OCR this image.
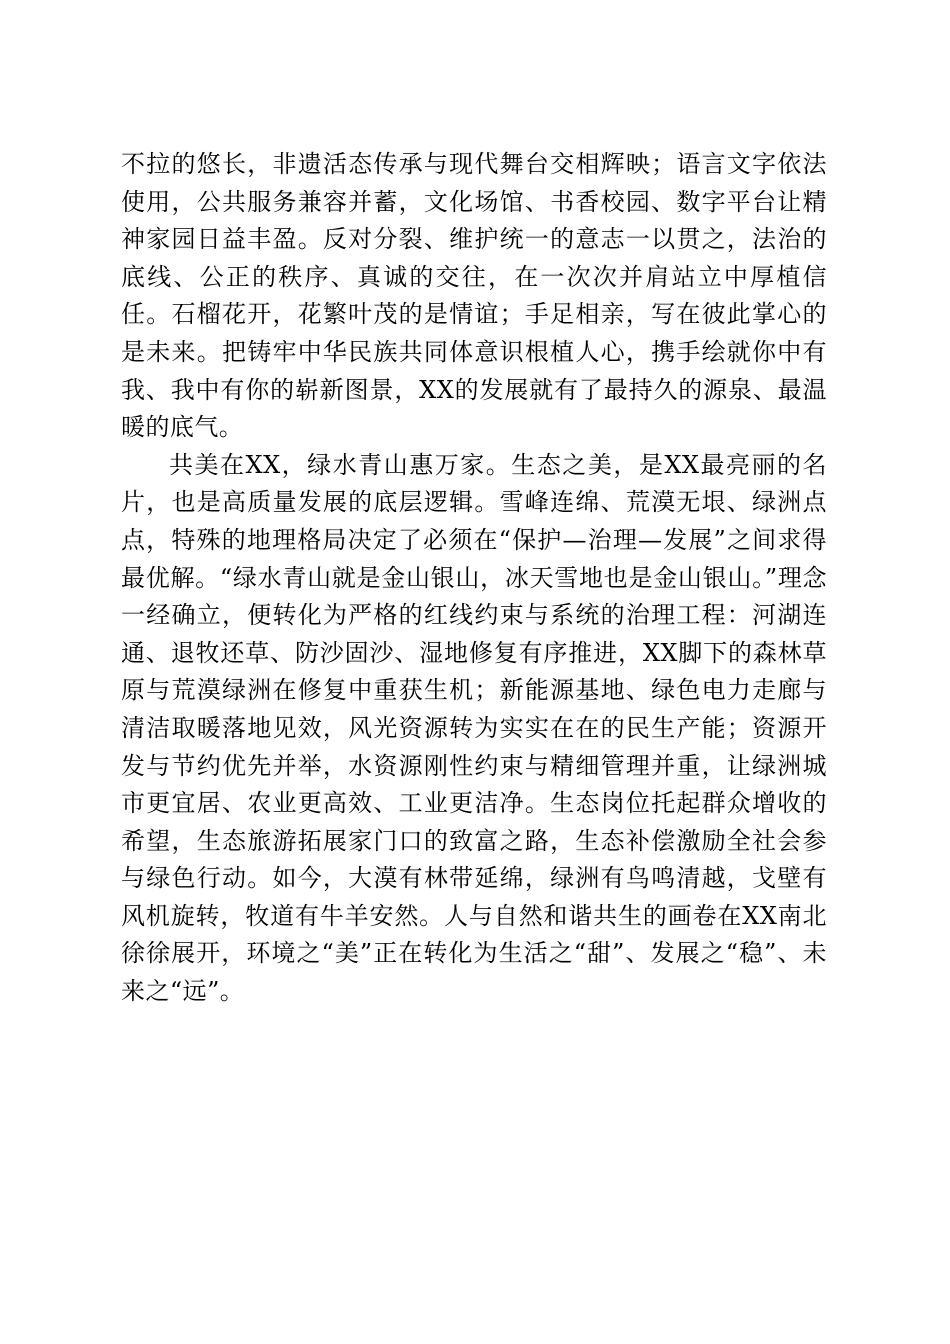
不拉的悠长，非遗活态传承与现代舞台交相辉映；语言文字依法使用，公共服务兼容并蓄，文化场馆、书香校园、数字平台让精神家园日益丰盈。反对分裂、维护统一的意志一以贯之，法治的底线、公正的秩序、真诚的交往，在一次次并肩站立中厚植信任。石榴花开，花繁叶茂的是情谊；手足相亲，写在彼此掌心的是未来。把铸牢中华民族共同体意识根植人心，携手绘就你中有我、我中有你的崭新图景，XX的发展就有了最持久的源泉、最温暖的底气。

共美在XX，绿水青山惠万家。生态之美，是XX最亮丽的名片，也是高质量发展的底层逻辑。雪峰连绵、荒漠无垠、绿洲点点，特殊的地理格局决定了必须在“保护—治理—发展”之间求得最优解。“绿水青山就是金山银山，冰天雪地也是金山银山。”理念一经确立，便转化为严格的红线约束与系统的治理工程：河湖连通、退牧还草、防沙固沙、湿地修复有序推进，XX脚下的森林草原与荒漠绿洲在修复中重获生机；新能源基地、绿色电力走廊与清洁取暖落地见效，风光资源转为实实在在的民生产能；资源开发与节约优先并举，水资源刚性约束与精细管理并重，让绿洲城市更宜居、农业更高效、工业更洁净。生态岗位托起群众增收的希望，生态旅游拓展家门口的致富之路，生态补偿激励全社会参与绿色行动。如今，大漠有林带延绵，绿洲有鸟鸣清越，戈壁有风机旋转，牧道有牛羊安然。人与自然和谐共生的画卷在XX南北徐徐展开，环境之“美”正在转化为生活之“甜”、发展之“稳”、未来之“远”。
